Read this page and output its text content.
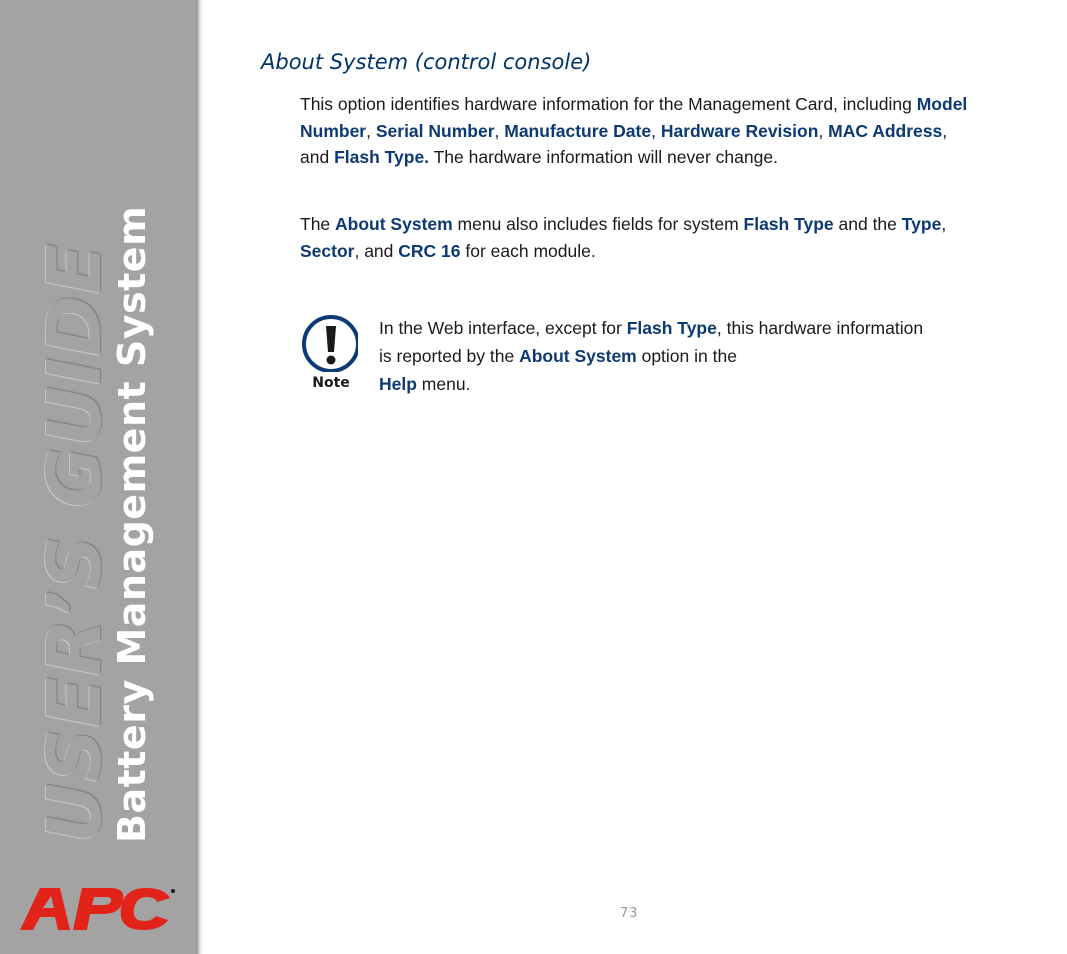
USER’S GUIDE
Battery Management System
About System (control console)

This option identifies hardware information for the Management Card, including Model Number, Serial Number, Manufacture Date, Hardware Revision, MAC Address, and Flash Type. The hardware information will never change.

The About System menu also includes fields for system Flash Type and the Type, Sector, and CRC 16 for each module.

Note

In the Web interface, except for Flash Type, this hardware information is reported by the About System option in the
Help menu.

73
